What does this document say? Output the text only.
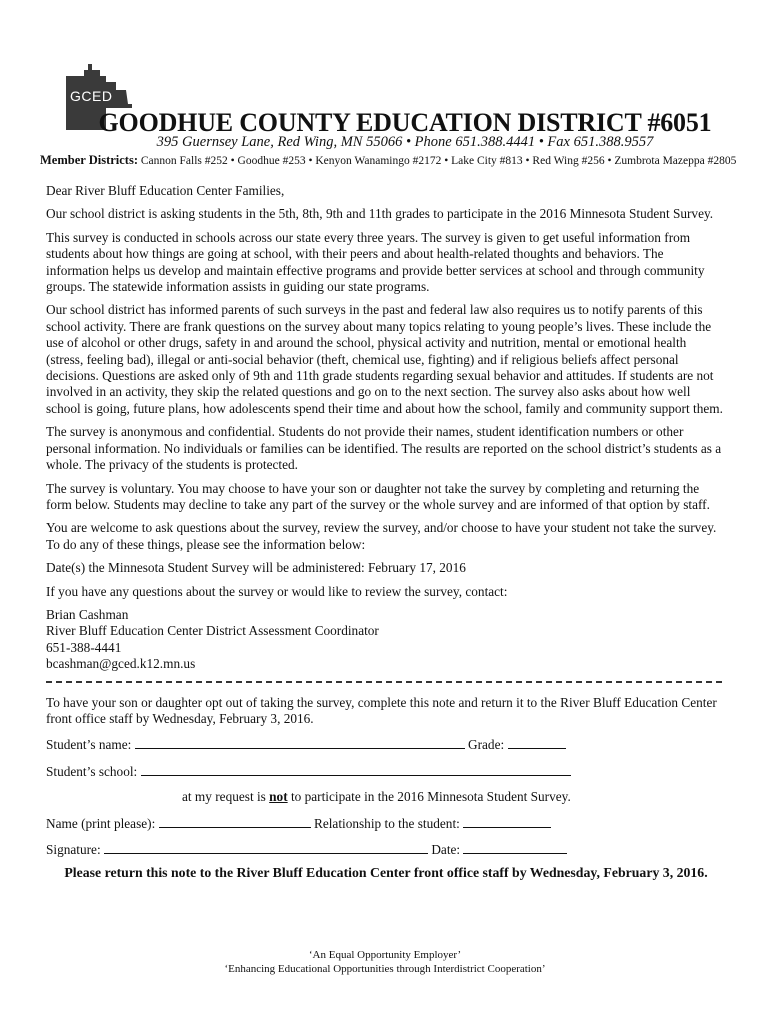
GCED
GOODHUE COUNTY EDUCATION DISTRICT #6051
395 Guernsey Lane, Red Wing, MN 55066 • Phone 651.388.4441 • Fax 651.388.9557
Member Districts: Cannon Falls #252 • Goodhue #253 • Kenyon Wanamingo #2172 • Lake City #813 • Red Wing #256 • Zumbrota Mazeppa #2805

Dear River Bluff Education Center Families,

Our school district is asking students in the 5th, 8th, 9th and 11th grades to participate in the 2016 Minnesota Student Survey.

This survey is conducted in schools across our state every three years. The survey is given to get useful information from students about how things are going at school, with their peers and about health-related thoughts and behaviors. The information helps us develop and maintain effective programs and provide better services at school and through community groups. The statewide information assists in guiding our state programs.

Our school district has informed parents of such surveys in the past and federal law also requires us to notify parents of this school activity. There are frank questions on the survey about many topics relating to young people’s lives. These include the use of alcohol or other drugs, safety in and around the school, physical activity and nutrition, mental or emotional health (stress, feeling bad), illegal or anti-social behavior (theft, chemical use, fighting) and if religious beliefs affect personal decisions. Questions are asked only of 9th and 11th grade students regarding sexual behavior and attitudes. If students are not involved in an activity, they skip the related questions and go on to the next section. The survey also asks about how well school is going, future plans, how adolescents spend their time and about how the school, family and community support them.

The survey is anonymous and confidential. Students do not provide their names, student identification numbers or other personal information. No individuals or families can be identified. The results are reported on the school district’s students as a whole. The privacy of the students is protected.

The survey is voluntary. You may choose to have your son or daughter not take the survey by completing and returning the form below. Students may decline to take any part of the survey or the whole survey and are informed of that option by staff.

You are welcome to ask questions about the survey, review the survey, and/or choose to have your student not take the survey. To do any of these things, please see the information below:

Date(s) the Minnesota Student Survey will be administered: February 17, 2016

If you have any questions about the survey or would like to review the survey, contact:

Brian Cashman

River Bluff Education Center District Assessment Coordinator

651-388-4441

bcashman@gced.k12.mn.us

To have your son or daughter opt out of taking the survey, complete this note and return it to the River Bluff Education Center front office staff by Wednesday, February 3, 2016.

Student’s name:	Grade:

Student’s school:

at my request is not to participate in the 2016 Minnesota Student Survey.

Name (print please):	Relationship to the student:

Signature:	Date:

Please return this note to the River Bluff Education Center front office staff by Wednesday, February 3, 2016.

‘An Equal Opportunity Employer’
‘Enhancing Educational Opportunities through Interdistrict Cooperation’
